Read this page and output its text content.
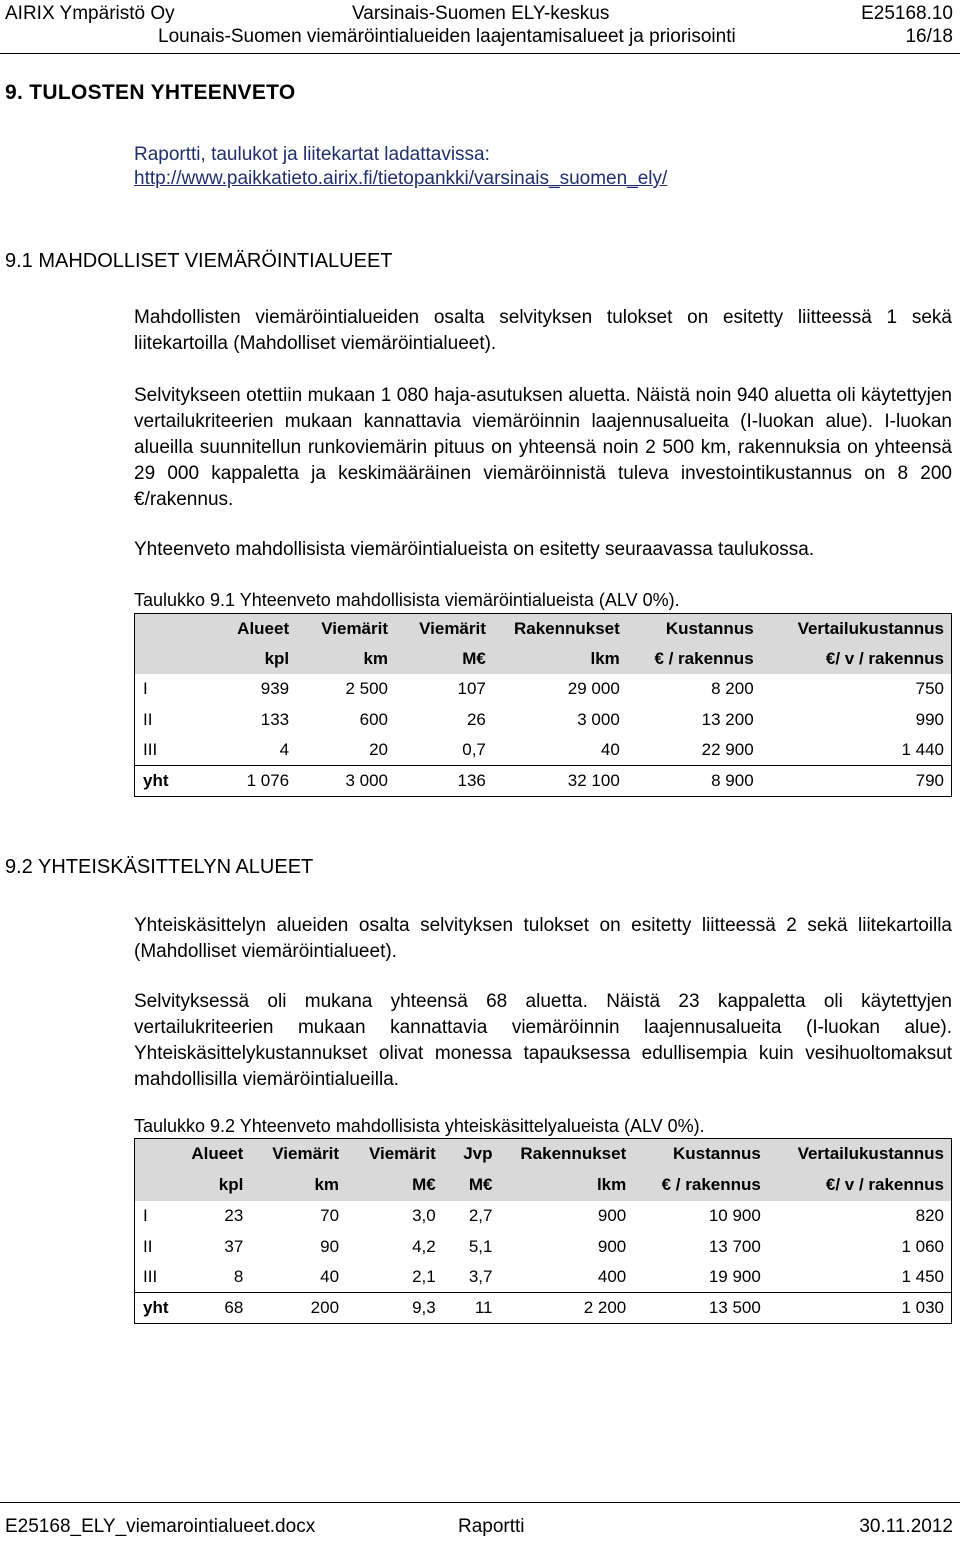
AIRIX Ympäristö Oy	Varsinais-Suomen ELY-keskus	E25168.10
Lounais-Suomen viemäröintialueiden laajentamisalueet ja priorisointi	16/18
9. TULOSTEN YHTEENVETO
Raportti, taulukot ja liitekartat ladattavissa:
http://www.paikkatieto.airix.fi/tietopankki/varsinais_suomen_ely/
9.1 MAHDOLLISET VIEMÄRÖINTIALUEET
Mahdollisten viemäröintialueiden osalta selvityksen tulokset on esitetty liitteessä 1 sekä liitekartoilla (Mahdolliset viemäröintialueet).
Selvitykseen otettiin mukaan 1 080 haja-asutuksen aluetta. Näistä noin 940 aluetta oli käytettyjen vertailukriteerien mukaan kannattavia viemäröinnin laajennusalueita (I-luokan alue). I-luokan alueilla suunnitellun runkoviemärin pituus on yhteensä noin 2 500 km, rakennuksia on yhteensä 29 000 kappaletta ja keskimääräinen viemäröinnistä tuleva investointikustannus on 8 200 €/rakennus.
Yhteenveto mahdollisista viemäröintialueista on esitetty seuraavassa taulukossa.
Taulukko 9.1 Yhteenveto mahdollisista viemäröintialueista (ALV 0%).
	Alueet	Viemärit	Viemärit	Rakennukset	Kustannus	Vertailukustannus
	kpl	km	M€	lkm	€ / rakennus	€/ v / rakennus
I	939	2 500	107	29 000	8 200	750
II	133	600	26	3 000	13 200	990
III	4	20	0,7	40	22 900	1 440
yht	1 076	3 000	136	32 100	8 900	790
9.2 YHTEISKÄSITTELYN ALUEET
Yhteiskäsittelyn alueiden osalta selvityksen tulokset on esitetty liitteessä 2 sekä liitekartoilla (Mahdolliset viemäröintialueet).
Selvityksessä oli mukana yhteensä 68 aluetta. Näistä 23 kappaletta oli käytettyjen vertailukriteerien mukaan kannattavia viemäröinnin laajennusalueita (I-luokan alue). Yhteiskäsittelykustannukset olivat monessa tapauksessa edullisempia kuin vesihuoltomaksut mahdollisilla viemäröintialueilla.
Taulukko 9.2 Yhteenveto mahdollisista yhteiskäsittelyalueista (ALV 0%).
	Alueet	Viemärit	Viemärit	Jvp	Rakennukset	Kustannus	Vertailukustannus
	kpl	km	M€	M€	lkm	€ / rakennus	€/ v / rakennus
I	23	70	3,0	2,7	900	10 900	820
II	37	90	4,2	5,1	900	13 700	1 060
III	8	40	2,1	3,7	400	19 900	1 450
yht	68	200	9,3	11	2 200	13 500	1 030
E25168_ELY_viemarointialueet.docx	Raportti	30.11.2012
